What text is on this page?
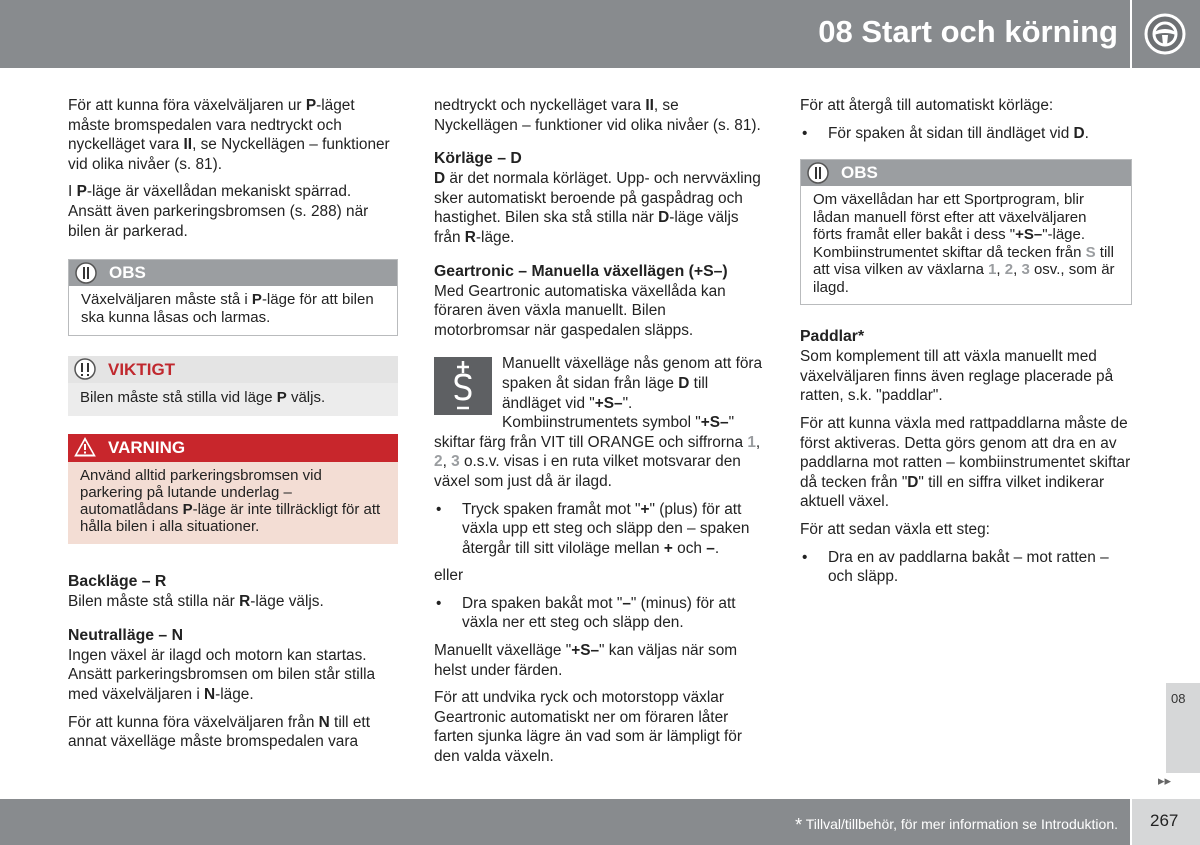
08 Start och körning

För att kunna föra växelväljaren ur P-läget måste bromspedalen vara nedtryckt och nyckelläget vara II, se Nyckellägen – funktioner vid olika nivåer (s. 81).

I P-läge är växellådan mekaniskt spärrad. Ansätt även parkeringsbromsen (s. 288) när bilen är parkerad.

OBS
Växelväljaren måste stå i P-läge för att bilen ska kunna låsas och larmas.
VIKTIGT
Bilen måste stå stilla vid läge P väljs.
VARNING
Använd alltid parkeringsbromsen vid parkering på lutande underlag – automatlådans P-läge är inte tillräckligt för att hålla bilen i alla situationer.
Backläge – R

Bilen måste stå stilla när R-läge väljs.

Neutralläge – N

Ingen växel är ilagd och motorn kan startas. Ansätt parkeringsbromsen om bilen står stilla med växelväljaren i N-läge.

För att kunna föra växelväljaren från N till ett annat växelläge måste bromspedalen vara

nedtryckt och nyckelläget vara II, se Nyckellägen – funktioner vid olika nivåer (s. 81).

Körläge – D

D är det normala körläget. Upp- och nervväxling sker automatiskt beroende på gaspådrag och hastighet. Bilen ska stå stilla när D-läge väljs från R-läge.

Geartronic – Manuella växellägen (+S–)

Med Geartronic automatiska växellåda kan föraren även växla manuellt. Bilen motorbromsar när gaspedalen släpps.

Manuellt växelläge nås genom att föra spaken åt sidan från läge D till ändläget vid "+S–". Kombiinstrumentets symbol "+S–" skiftar färg från VIT till ORANGE och siffrorna 1, 2, 3 o.s.v. visas i en ruta vilket motsvarar den växel som just då är ilagd.

• Tryck spaken framåt mot "+" (plus) för att växla upp ett steg och släpp den – spaken återgår till sitt viloläge mellan + och –.

eller

• Dra spaken bakåt mot "–" (minus) för att växla ner ett steg och släpp den.

Manuellt växelläge "+S–" kan väljas när som helst under färden.

För att undvika ryck och motorstopp växlar Geartronic automatiskt ner om föraren låter farten sjunka lägre än vad som är lämpligt för den valda växeln.

För att återgå till automatiskt körläge:

• För spaken åt sidan till ändläget vid D.
OBS
Om växellådan har ett Sportprogram, blir lådan manuell först efter att växelväljaren förts framåt eller bakåt i dess "+S–"-läge. Kombiinstrumentet skiftar då tecken från S till att visa vilken av växlarna 1, 2, 3 osv., som är ilagd.
Paddlar*

Som komplement till att växla manuellt med växelväljaren finns även reglage placerade på ratten, s.k. "paddlar".

För att kunna växla med rattpaddlarna måste de först aktiveras. Detta görs genom att dra en av paddlarna mot ratten – kombiinstrumentet skiftar då tecken från "D" till en siffra vilket indikerar aktuell växel.

För att sedan växla ett steg:

• Dra en av paddlarna bakåt – mot ratten – och släpp.
08
▸▸
* Tillval/tillbehör, för mer information se Introduktion. 267
